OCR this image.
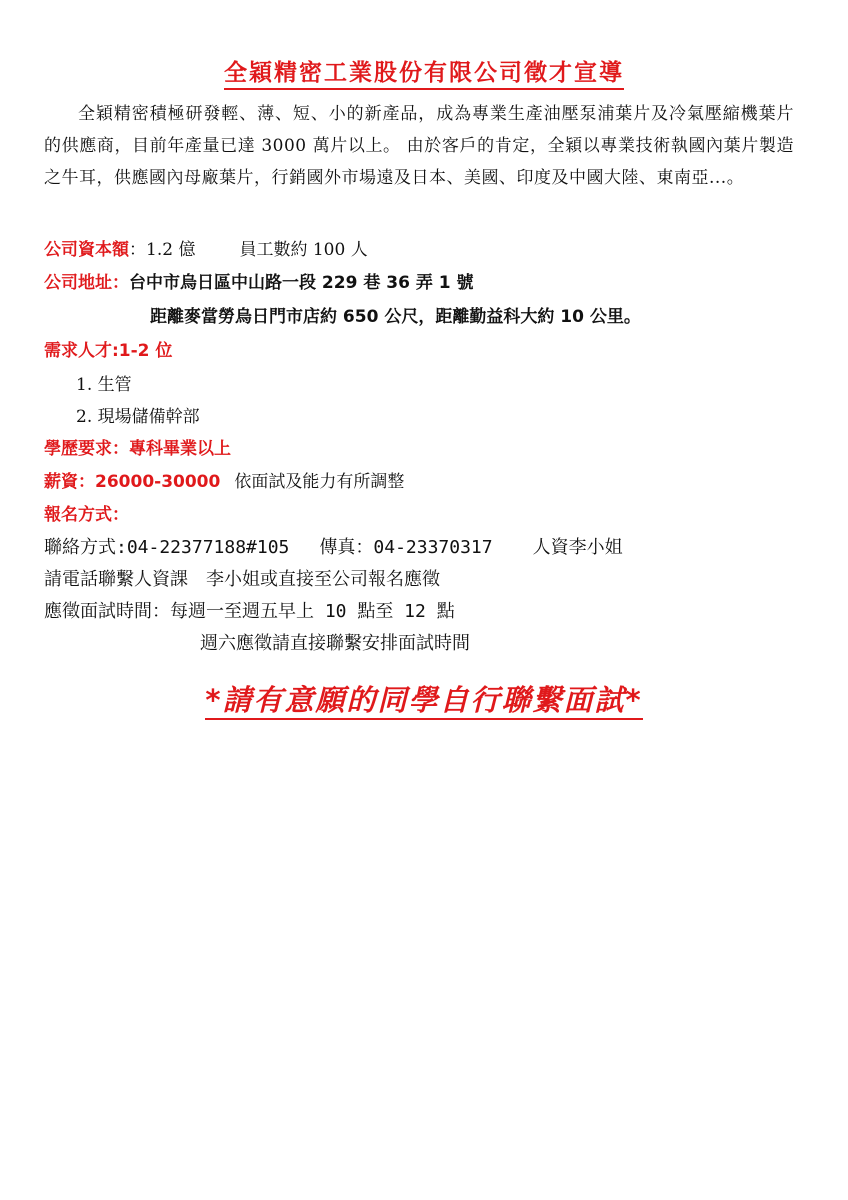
全穎精密工業股份有限公司徵才宣導
全穎精密積極研發輕、薄、短、小的新產品，成為專業生產油壓泵浦葉片及冷氣壓縮機葉片的供應商，目前年產量已達 3000 萬片以上。 由於客戶的肯定，全穎以專業技術執國內葉片製造之牛耳，供應國內母廠葉片，行銷國外市場遠及日本、美國、印度及中國大陸、東南亞...。
公司資本額：1.2 億	員工數約 100 人
公司地址：台中市烏日區中山路一段 229 巷 36 弄 1 號
距離麥當勞烏日門市店約 650 公尺，距離勤益科大約 10 公里。
需求人才:1-2 位
1. 生管
2. 現場儲備幹部
學歷要求：專科畢業以上
薪資：26000-30000 依面試及能力有所調整
報名方式：
聯絡方式:04-22377188#105 傳真：04-23370317 人資李小姐
請電話聯繫人資課　李小姐或直接至公司報名應徵
應徵面試時間：每週一至週五早上 10 點至 12 點
週六應徵請直接聯繫安排面試時間
*請有意願的同學自行聯繫面試*
